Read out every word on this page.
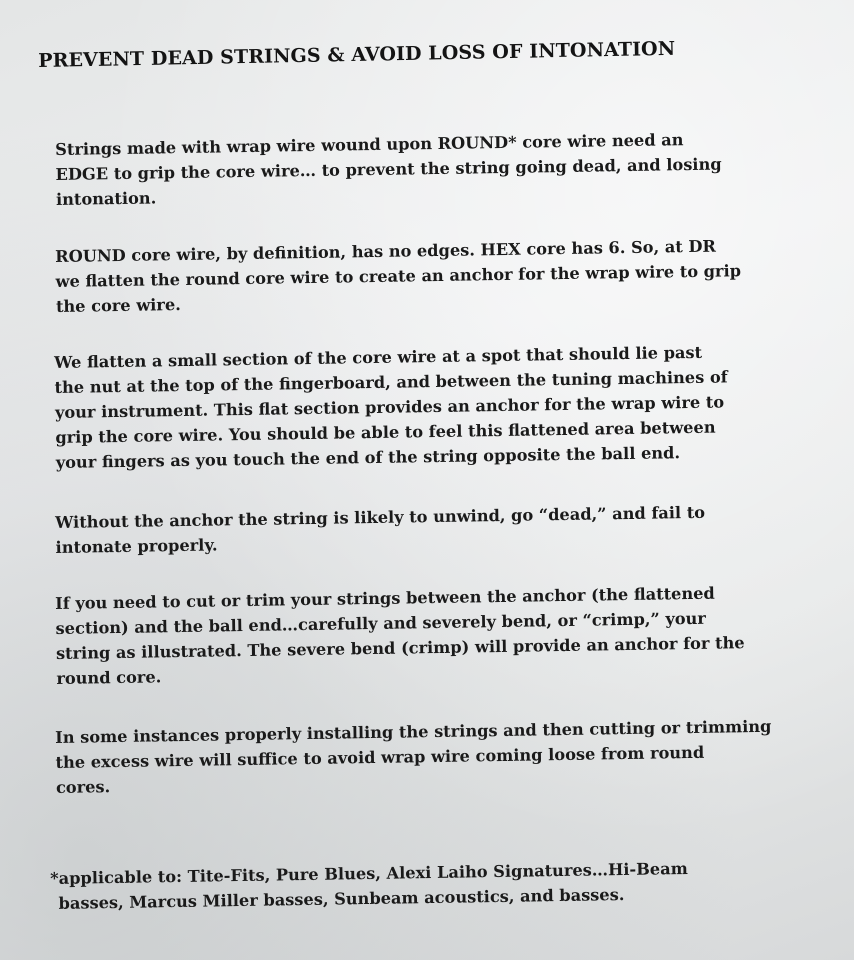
PREVENT DEAD STRINGS & AVOID LOSS OF INTONATION

Strings made with wrap wire wound upon ROUND* core wire need an
EDGE to grip the core wire… to prevent the string going dead, and losing
intonation.

ROUND core wire, by definition, has no edges. HEX core has 6. So, at DR
we flatten the round core wire to create an anchor for the wrap wire to grip
the core wire.

We flatten a small section of the core wire at a spot that should lie past
the nut at the top of the fingerboard, and between the tuning machines of
your instrument. This flat section provides an anchor for the wrap wire to
grip the core wire. You should be able to feel this flattened area between
your fingers as you touch the end of the string opposite the ball end.

Without the anchor the string is likely to unwind, go “dead,” and fail to
intonate properly.

If you need to cut or trim your strings between the anchor (the flattened
section) and the ball end…carefully and severely bend, or “crimp,” your
string as illustrated. The severe bend (crimp) will provide an anchor for the
round core.

In some instances properly installing the strings and then cutting or trimming
the excess wire will suffice to avoid wrap wire coming loose from round
cores.

*applicable to: Tite-Fits, Pure Blues, Alexi Laiho Signatures…Hi-Beam
basses, Marcus Miller basses, Sunbeam acoustics, and basses.
